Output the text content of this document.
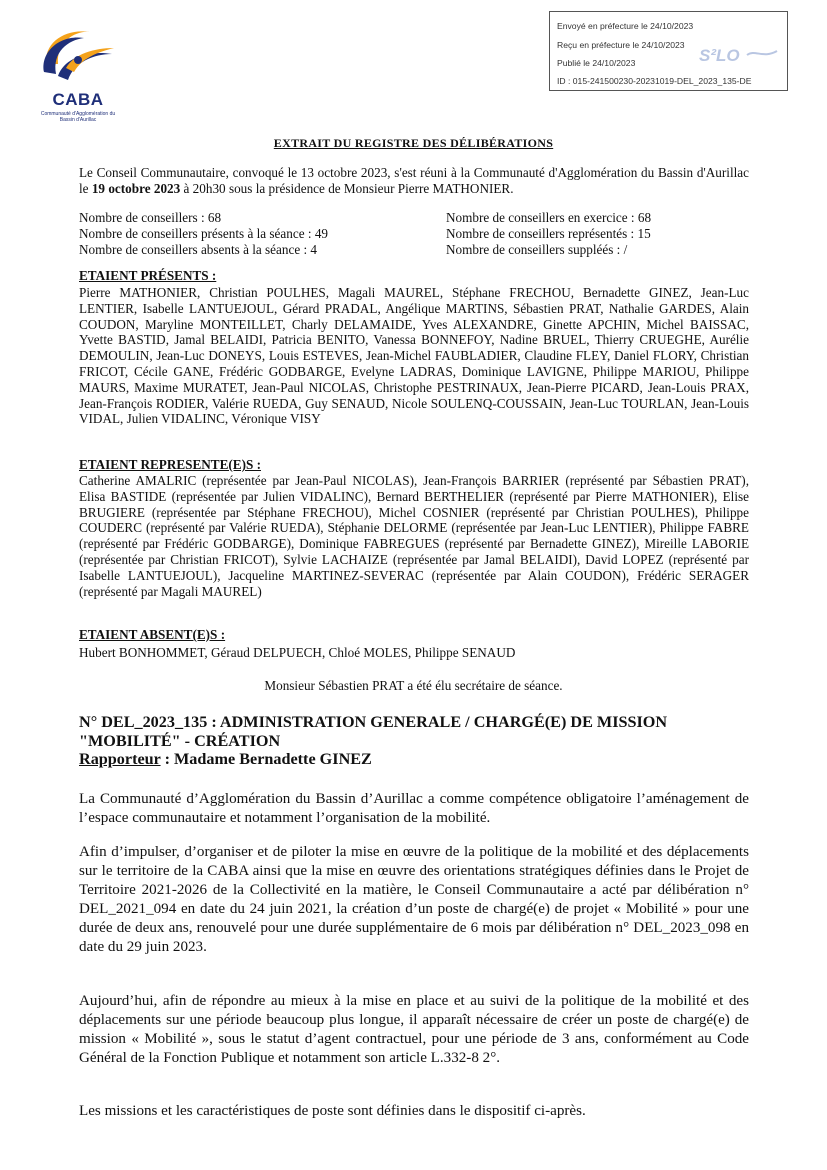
CABA
Communauté d'Agglomération du Bassin d'Aurillac
Envoyé en préfecture le 24/10/2023
Reçu en préfecture le 24/10/2023
Publié le 24/10/2023
ID : 015-241500230-20231019-DEL_2023_135-DE
S²LO
EXTRAIT DU REGISTRE DES DÉLIBÉRATIONS
Le Conseil Communautaire, convoqué le 13 octobre 2023, s'est réuni à la Communauté d'Agglomération du Bassin d'Aurillac le 19 octobre 2023 à 20h30 sous la présidence de Monsieur Pierre MATHONIER.
Nombre de conseillers : 68
Nombre de conseillers présents à la séance : 49
Nombre de conseillers absents à la séance : 4
Nombre de conseillers en exercice : 68
Nombre de conseillers représentés : 15
Nombre de conseillers suppléés : /
ETAIENT PRÉSENTS :
Pierre MATHONIER, Christian POULHES, Magali MAUREL, Stéphane FRECHOU, Bernadette GINEZ, Jean-Luc LENTIER, Isabelle LANTUEJOUL, Gérard PRADAL, Angélique MARTINS, Sébastien PRAT, Nathalie GARDES, Alain COUDON, Maryline MONTEILLET, Charly DELAMAIDE, Yves ALEXANDRE, Ginette APCHIN, Michel BAISSAC, Yvette BASTID, Jamal BELAIDI, Patricia BENITO, Vanessa BONNEFOY, Nadine BRUEL, Thierry CRUEGHE, Aurélie DEMOULIN, Jean-Luc DONEYS, Louis ESTEVES, Jean-Michel FAUBLADIER, Claudine FLEY, Daniel FLORY, Christian FRICOT, Cécile GANE, Frédéric GODBARGE, Evelyne LADRAS, Dominique LAVIGNE, Philippe MARIOU, Philippe MAURS, Maxime MURATET, Jean-Paul NICOLAS, Christophe PESTRINAUX, Jean-Pierre PICARD, Jean-Louis PRAX, Jean-François RODIER, Valérie RUEDA, Guy SENAUD, Nicole SOULENQ-COUSSAIN, Jean-Luc TOURLAN, Jean-Louis VIDAL, Julien VIDALINC, Véronique VISY
ETAIENT REPRESENTE(E)S :
Catherine AMALRIC (représentée par Jean-Paul NICOLAS), Jean-François BARRIER (représenté par Sébastien PRAT), Elisa BASTIDE (représentée par Julien VIDALINC), Bernard BERTHELIER (représenté par Pierre MATHONIER), Elise BRUGIERE (représentée par Stéphane FRECHOU), Michel COSNIER (représenté par Christian POULHES), Philippe COUDERC (représenté par Valérie RUEDA), Stéphanie DELORME (représentée par Jean-Luc LENTIER), Philippe FABRE (représenté par Frédéric GODBARGE), Dominique FABREGUES (représenté par Bernadette GINEZ), Mireille LABORIE (représentée par Christian FRICOT), Sylvie LACHAIZE (représentée par Jamal BELAIDI), David LOPEZ (représenté par Isabelle LANTUEJOUL), Jacqueline MARTINEZ-SEVERAC (représentée par Alain COUDON), Frédéric SERAGER (représenté par Magali MAUREL)
ETAIENT ABSENT(E)S :
Hubert BONHOMMET, Géraud DELPUECH, Chloé MOLES, Philippe SENAUD
Monsieur Sébastien PRAT a été élu secrétaire de séance.
N° DEL_2023_135 : ADMINISTRATION GENERALE / CHARGÉ(E) DE MISSION "MOBILITÉ" - CRÉATION
Rapporteur : Madame Bernadette GINEZ
La Communauté d’Agglomération du Bassin d’Aurillac a comme compétence obligatoire l’aménagement de l’espace communautaire et notamment l’organisation de la mobilité.
Afin d’impulser, d’organiser et de piloter la mise en œuvre de la politique de la mobilité et des déplacements sur le territoire de la CABA ainsi que la mise en œuvre des orientations stratégiques définies dans le Projet de Territoire 2021-2026 de la Collectivité en la matière, le Conseil Communautaire a acté par délibération n° DEL_2021_094 en date du 24 juin 2021, la création d’un poste de chargé(e) de projet « Mobilité » pour une durée de deux ans, renouvelé pour une durée supplémentaire de 6 mois par délibération n° DEL_2023_098 en date du 29 juin 2023.
Aujourd’hui, afin de répondre au mieux à la mise en place et au suivi de la politique de la mobilité et des déplacements sur une période beaucoup plus longue, il apparaît nécessaire de créer un poste de chargé(e) de mission « Mobilité », sous le statut d’agent contractuel, pour une période de 3 ans, conformément au Code Général de la Fonction Publique et notamment son article L.332-8 2°.
Les missions et les caractéristiques de poste sont définies dans le dispositif ci-après.
